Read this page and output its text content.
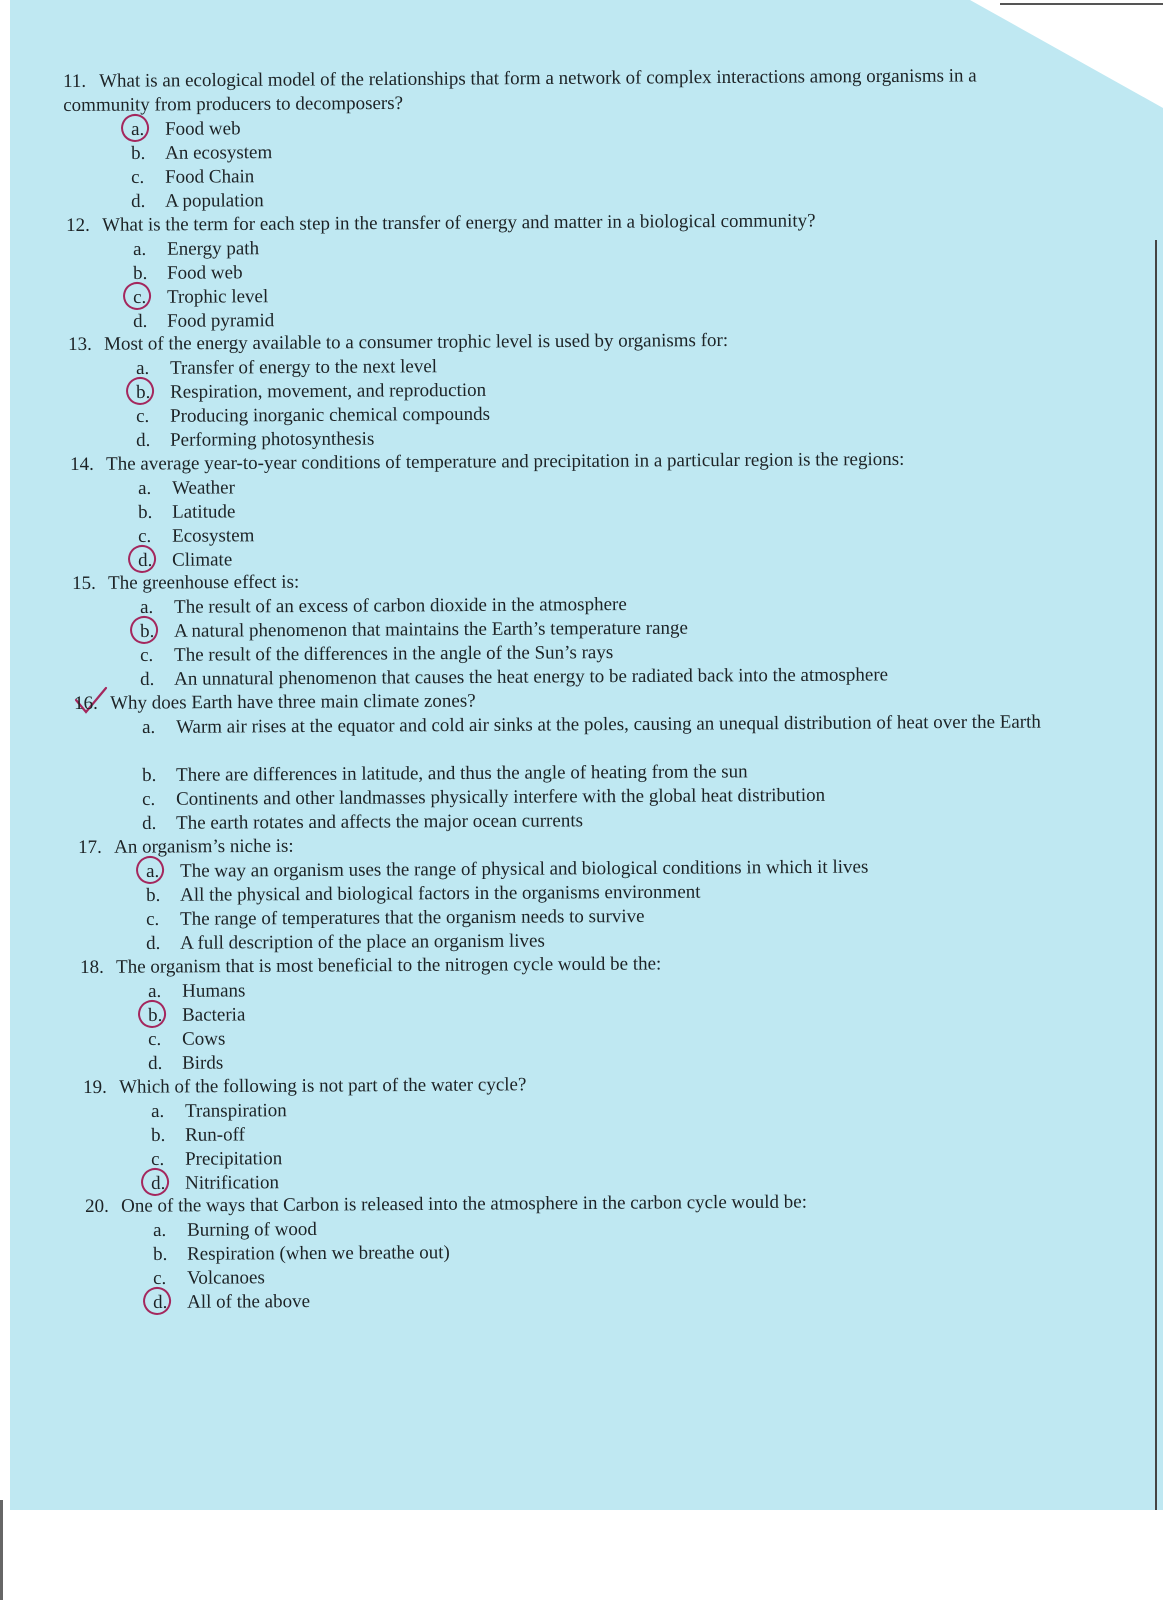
11. What is an ecological model of the relationships that form a network of complex interactions among organisms in a
community from producers to decomposers?
a. Food web
b. An ecosystem
c. Food Chain
d. A population
12. What is the term for each step in the transfer of energy and matter in a biological community?
a. Energy path
b. Food web
c. Trophic level
d. Food pyramid
13. Most of the energy available to a consumer trophic level is used by organisms for:
a. Transfer of energy to the next level
b. Respiration, movement, and reproduction
c. Producing inorganic chemical compounds
d. Performing photosynthesis
14. The average year-to-year conditions of temperature and precipitation in a particular region is the regions:
a. Weather
b. Latitude
c. Ecosystem
d. Climate
15. The greenhouse effect is:
a. The result of an excess of carbon dioxide in the atmosphere
b. A natural phenomenon that maintains the Earth’s temperature range
c. The result of the differences in the angle of the Sun’s rays
d. An unnatural phenomenon that causes the heat energy to be radiated back into the atmosphere
16. Why does Earth have three main climate zones?
a. Warm air rises at the equator and cold air sinks at the poles, causing an unequal distribution of heat over the Earth
b. There are differences in latitude, and thus the angle of heating from the sun
c. Continents and other landmasses physically interfere with the global heat distribution
d. The earth rotates and affects the major ocean currents
17. An organism’s niche is:
a. The way an organism uses the range of physical and biological conditions in which it lives
b. All the physical and biological factors in the organisms environment
c. The range of temperatures that the organism needs to survive
d. A full description of the place an organism lives
18. The organism that is most beneficial to the nitrogen cycle would be the:
a. Humans
b. Bacteria
c. Cows
d. Birds
19. Which of the following is not part of the water cycle?
a. Transpiration
b. Run-off
c. Precipitation
d. Nitrification
20. One of the ways that Carbon is released into the atmosphere in the carbon cycle would be:
a. Burning of wood
b. Respiration (when we breathe out)
c. Volcanoes
d. All of the above
